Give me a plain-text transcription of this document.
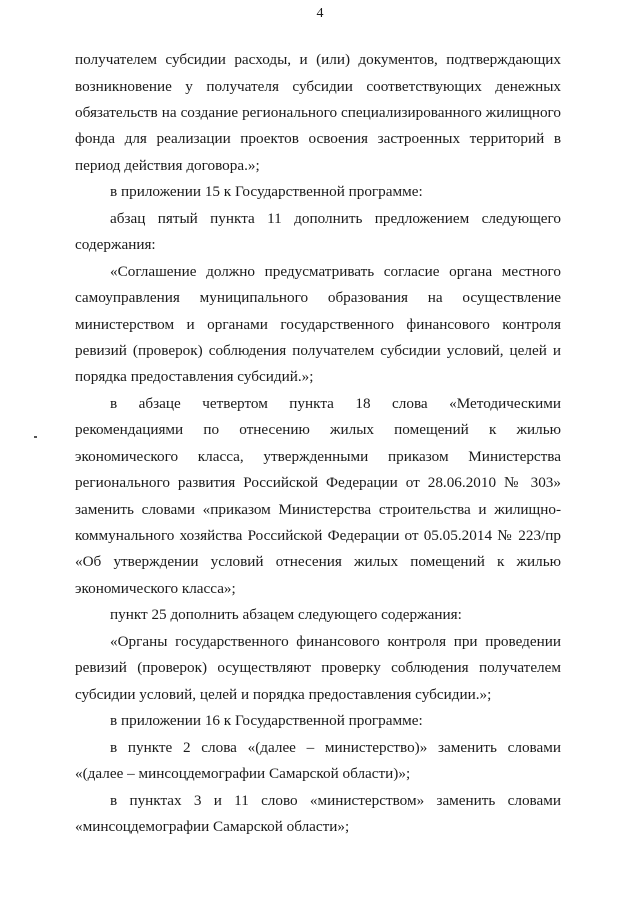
4
получателем субсидии расходы, и (или) документов, подтверждающих
возникновение у получателя субсидии соответствующих денежных
обязательств на создание регионального специализированного жилищного
фонда для реализации проектов освоения застроенных территорий в
период действия договора.»;
в приложении 15 к Государственной программе:
абзац пятый пункта 11 дополнить предложением следующего
содержания:
«Соглашение должно предусматривать согласие органа местного
самоуправления муниципального образования на осуществление
министерством и органами государственного финансового контроля
ревизий (проверок) соблюдения получателем субсидии условий, целей и
порядка предоставления субсидий.»;
в абзаце четвертом пункта 18 слова «Методическими
рекомендациями по отнесению жилых помещений к жилью
экономического класса, утвержденными приказом Министерства
регионального развития Российской Федерации от 28.06.2010 № 303»
заменить словами «приказом Министерства строительства и жилищно-
коммунального хозяйства Российской Федерации от 05.05.2014 № 223/пр
«Об утверждении условий отнесения жилых помещений к жилью
экономического класса»;
пункт 25 дополнить абзацем следующего содержания:
«Органы государственного финансового контроля при проведении
ревизий (проверок) осуществляют проверку соблюдения получателем
субсидии условий, целей и порядка предоставления субсидии.»;
в приложении 16 к Государственной программе:
в пункте 2 слова «(далее – министерство)» заменить словами
«(далее – минсоцдемографии Самарской области)»;
в пунктах 3 и 11 слово «министерством» заменить словами
«минсоцдемографии Самарской области»;
